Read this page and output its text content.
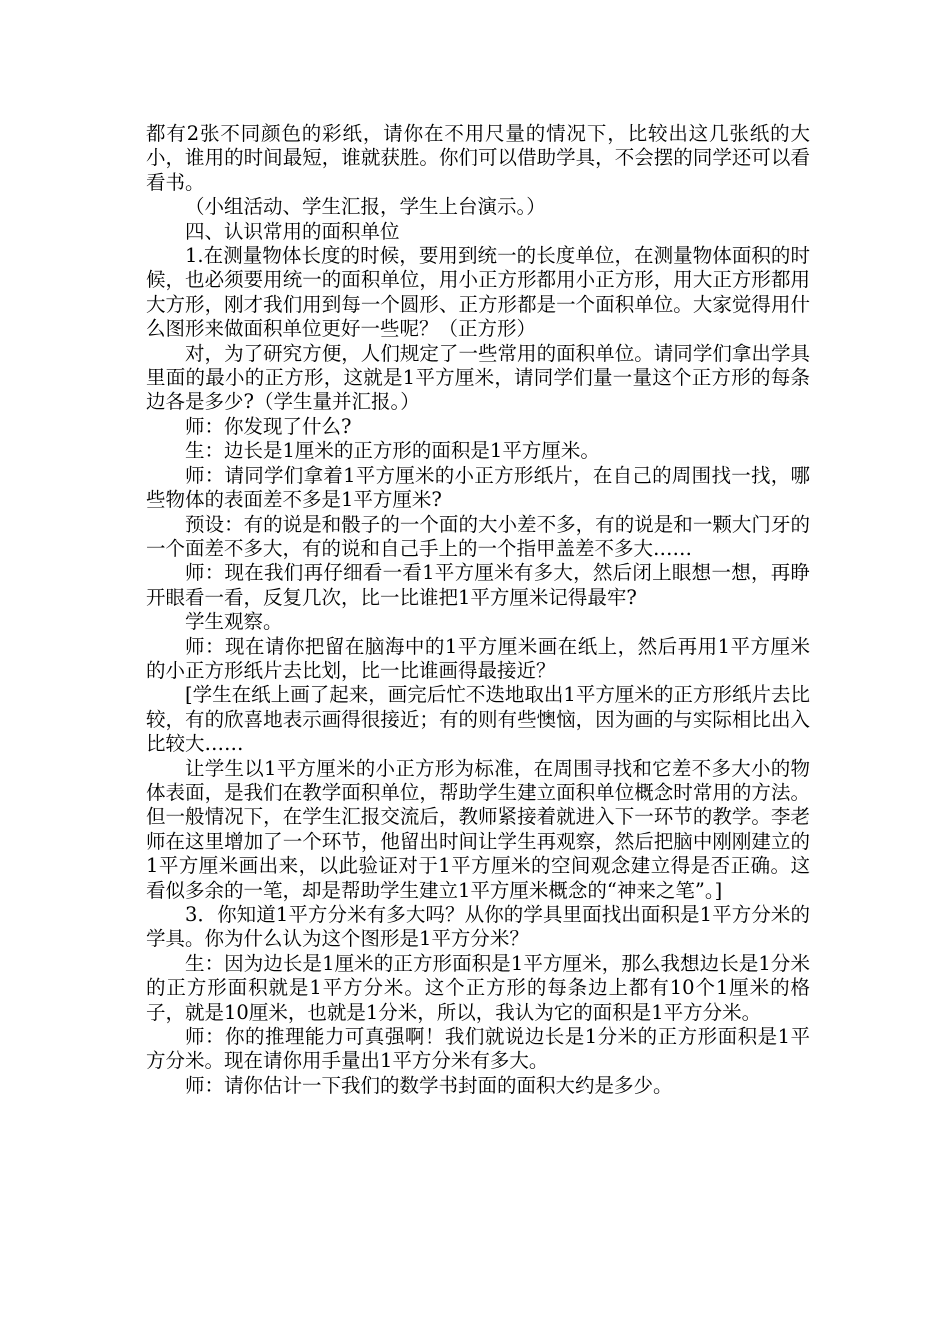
都有2张不同颜色的彩纸，请你在不用尺量的情况下，比较出这几张纸的大小，谁用的时间最短，谁就获胜。你们可以借助学具，不会摆的同学还可以看看书。

（小组活动、学生汇报，学生上台演示。）

四、认识常用的面积单位

1.在测量物体长度的时候，要用到统一的长度单位，在测量物体面积的时候，也必须要用统一的面积单位，用小正方形都用小正方形，用大正方形都用大方形，刚才我们用到每一个圆形、正方形都是一个面积单位。大家觉得用什么图形来做面积单位更好一些呢？（正方形）

对，为了研究方便，人们规定了一些常用的面积单位。请同学们拿出学具里面的最小的正方形，这就是1平方厘米，请同学们量一量这个正方形的每条边各是多少?（学生量并汇报。）

师：你发现了什么?

生：边长是1厘米的正方形的面积是1平方厘米。

师：请同学们拿着1平方厘米的小正方形纸片，在自己的周围找一找，哪些物体的表面差不多是1平方厘米?

预设：有的说是和骰子的一个面的大小差不多，有的说是和一颗大门牙的一个面差不多大，有的说和自己手上的一个指甲盖差不多大……

师：现在我们再仔细看一看1平方厘米有多大，然后闭上眼想一想，再睁开眼看一看，反复几次，比一比谁把1平方厘米记得最牢?

学生观察。

师：现在请你把留在脑海中的1平方厘米画在纸上，然后再用1平方厘米的小正方形纸片去比划，比一比谁画得最接近？

[学生在纸上画了起来，画完后忙不迭地取出1平方厘米的正方形纸片去比较，有的欣喜地表示画得很接近；有的则有些懊恼，因为画的与实际相比出入比较大……

让学生以1平方厘米的小正方形为标准，在周围寻找和它差不多大小的物体表面，是我们在教学面积单位，帮助学生建立面积单位概念时常用的方法。但一般情况下，在学生汇报交流后，教师紧接着就进入下一环节的教学。李老师在这里增加了一个环节，他留出时间让学生再观察，然后把脑中刚刚建立的1平方厘米画出来，以此验证对于1平方厘米的空间观念建立得是否正确。这看似多余的一笔，却是帮助学生建立1平方厘米概念的“神来之笔”。]

3．你知道1平方分米有多大吗？从你的学具里面找出面积是1平方分米的学具。你为什么认为这个图形是1平方分米？

生：因为边长是1厘米的正方形面积是1平方厘米，那么我想边长是1分米的正方形面积就是1平方分米。这个正方形的每条边上都有10个1厘米的格子，就是10厘米，也就是1分米，所以，我认为它的面积是1平方分米。

师：你的推理能力可真强啊！我们就说边长是1分米的正方形面积是1平方分米。现在请你用手量出1平方分米有多大。

师：请你估计一下我们的数学书封面的面积大约是多少。
